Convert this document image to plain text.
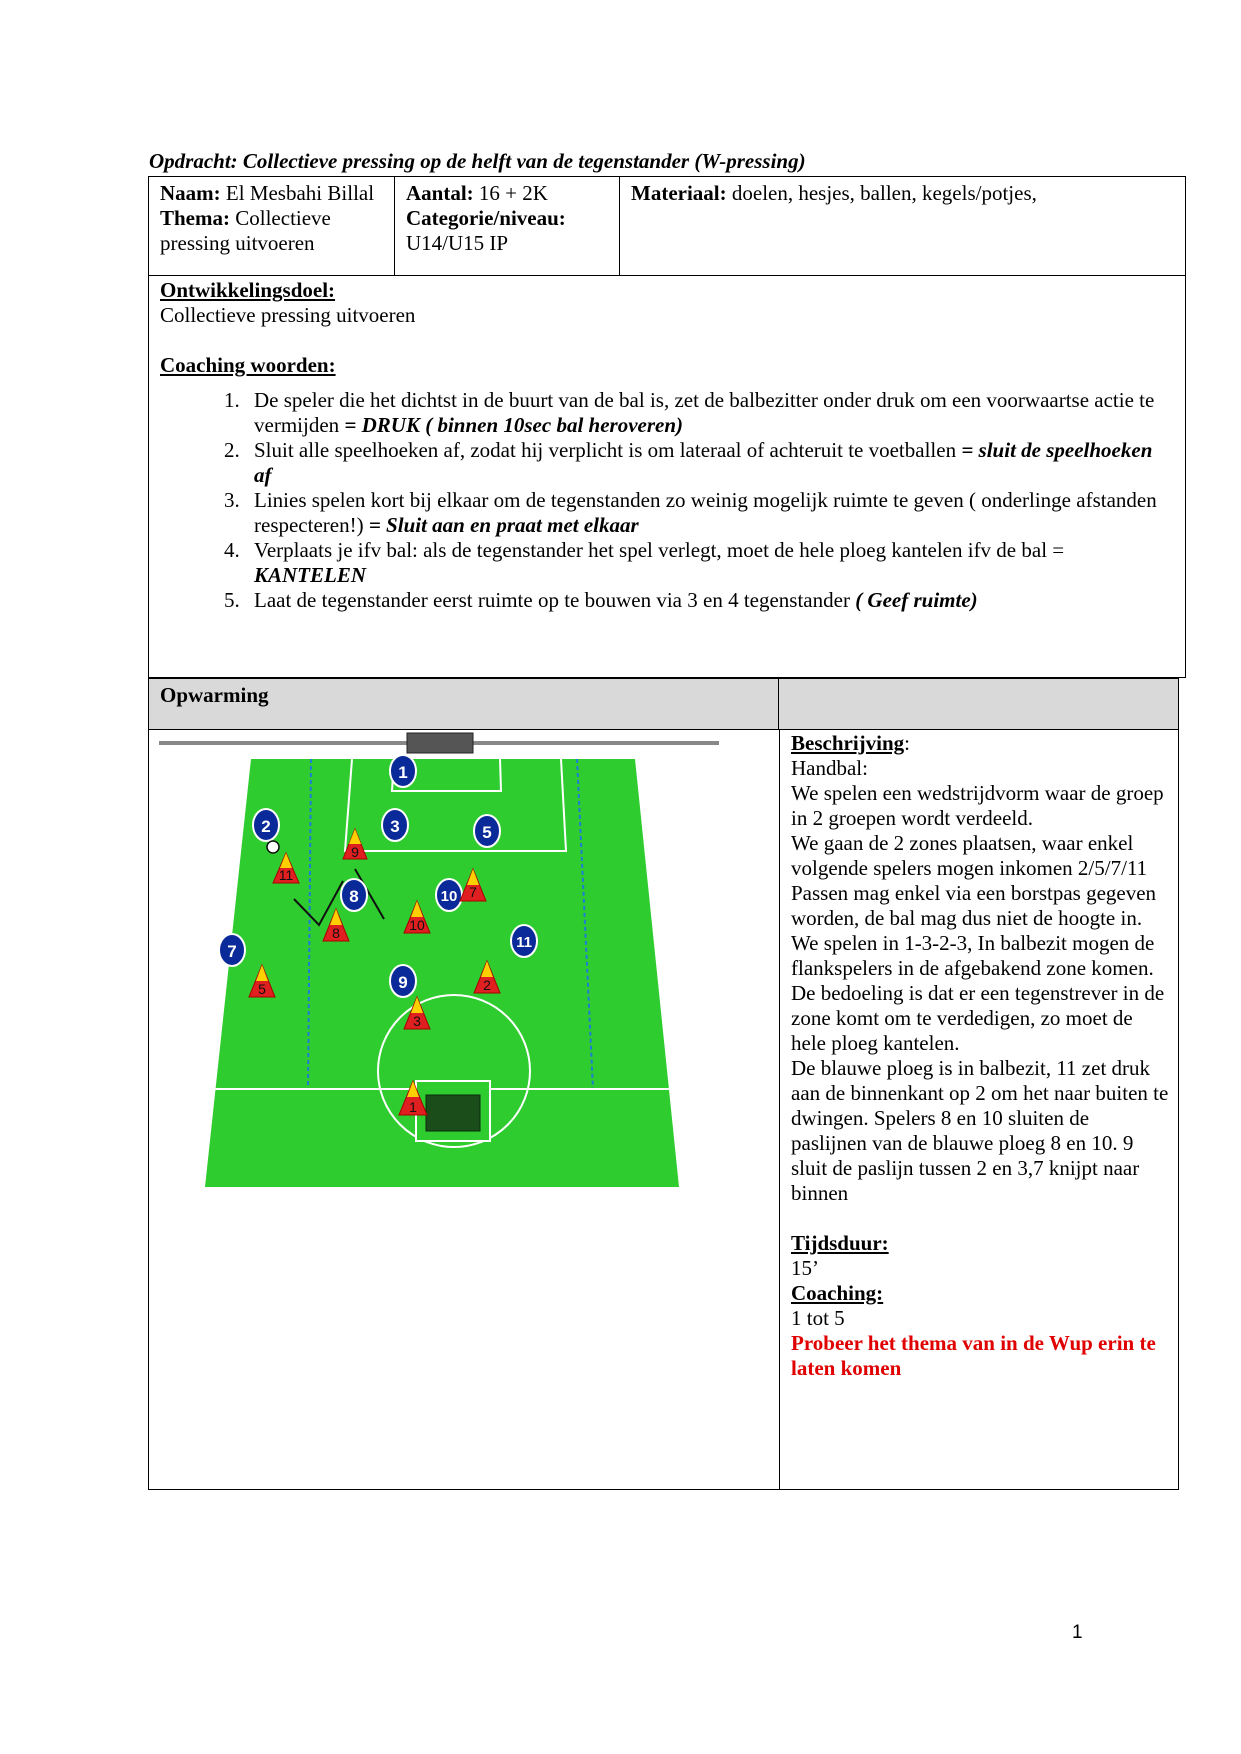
Opdracht: Collectieve pressing op de helft van de tegenstander (W-pressing)

Naam: El Mesbahi Billal

Thema: Collectieve pressing uitvoeren

Aantal: 16 + 2K

Categorie/niveau:

U14/U15 IP

Materiaal: doelen, hesjes, ballen, kegels/potjes,

Ontwikkelingsdoel:

Collectieve pressing uitvoeren

Coaching woorden:

1. De speler die het dichtst in de buurt van de bal is, zet de balbezitter onder druk om een voorwaartse actie te vermijden = DRUK ( binnen 10sec bal heroveren)
2. Sluit alle speelhoeken af, zodat hij verplicht is om lateraal of achteruit te voetballen = sluit de speelhoeken af
3. Linies spelen kort bij elkaar om de tegenstanden zo weinig mogelijk ruimte te geven ( onderlinge afstanden respecteren!) = Sluit aan en praat met elkaar
4. Verplaats je ifv bal: als de tegenstander het spel verlegt, moet de hele ploeg kantelen ifv de bal = KANTELEN
5. Laat de tegenstander eerst ruimte op te bouwen via 3 en 4 tegenstander ( Geef ruimte)
Opwarming
1
2	3	5
8	10
7	11
9
9
11
8	10
7
5
3
2
1

Beschrijving:

Handbal:

We spelen een wedstrijdvorm waar de groep in 2 groepen wordt verdeeld.

We gaan de 2 zones plaatsen, waar enkel volgende spelers mogen inkomen 2/5/7/11

Passen mag enkel via een borstpas gegeven worden, de bal mag dus niet de hoogte in.

We spelen in 1-3-2-3, In balbezit mogen de flankspelers in de afgebakend zone komen. De bedoeling is dat er een tegenstrever in de zone komt om te verdedigen, zo moet de hele ploeg kantelen.

De blauwe ploeg is in balbezit, 11 zet druk aan de binnenkant op 2 om het naar buiten te dwingen. Spelers 8 en 10 sluiten de paslijnen van de blauwe ploeg 8 en 10. 9 sluit de paslijn tussen 2 en 3,7 knijpt naar binnen

Tijdsduur:

15’

Coaching:

1 tot 5

Probeer het thema van in de Wup erin te laten komen

1
